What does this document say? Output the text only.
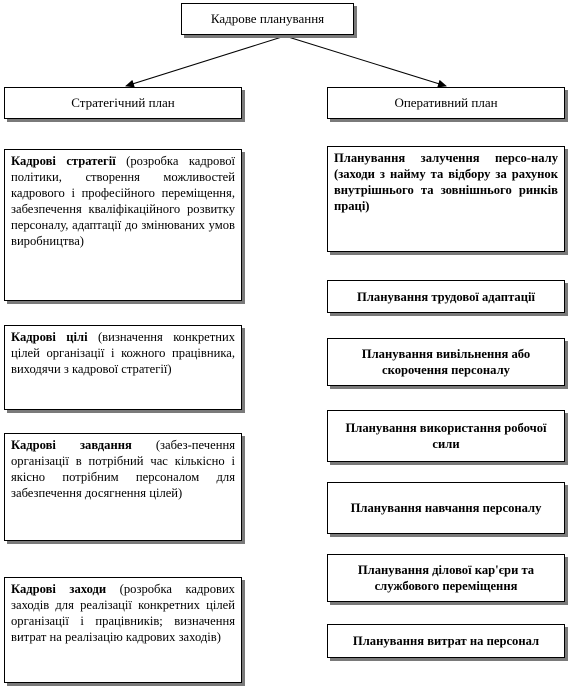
Кадрове планування
Стратегічний план	Оперативний план
Кадрові стратегії (розробка кадрової політики, створення можливостей кадрового і професійного переміщення, забезпечення кваліфікаційного розвитку персоналу, адаптації до змінюваних умов виробництва)
Кадрові цілі (визначення конкретних цілей організації і кожного працівника, виходячи з кадрової стратегії)
Кадрові завдання (забез-печення організації в потрібний час кількісно і якісно потрібним персоналом для забезпечення досягнення цілей)
Кадрові заходи (розробка кадрових заходів для реалізації конкретних цілей організації і працівників; визначення витрат на реалізацію кадрових заходів)
Планування залучення персо-налу (заходи з найму та відбору за рахунок внутрішнього та зовнішнього ринків праці)
Планування трудової адаптації
Планування вивільнення або скорочення персоналу
Планування використання робочої сили
Планування навчання персоналу
Планування ділової кар'єри та службового переміщення
Планування витрат на персонал
